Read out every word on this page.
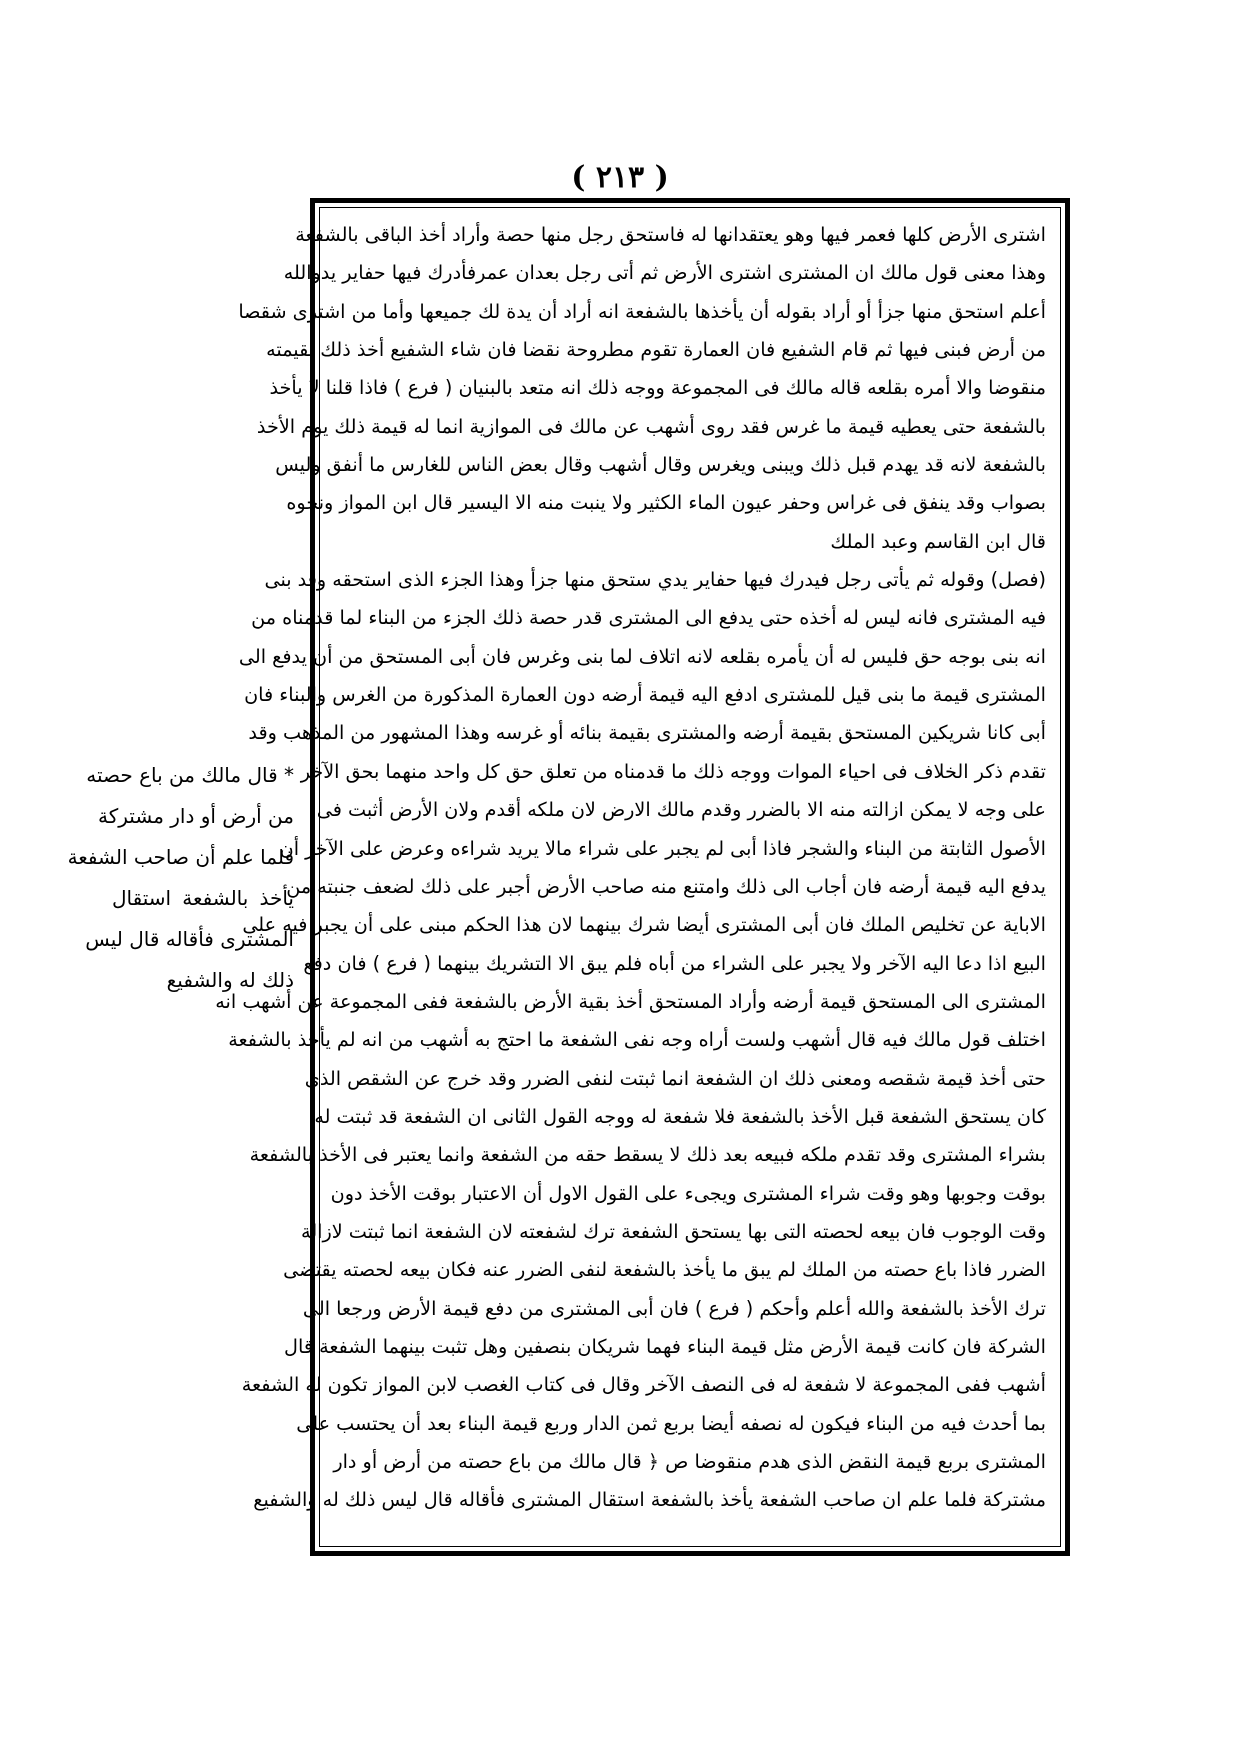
( ٢١٣ )
اشترى الأرض كلها فعمر فيها وهو يعتقدانها له فاستحق رجل منها حصة وأراد أخذ الباقى بالشفعة
وهذا معنى قول مالك ان المشترى اشترى الأرض ثم أتى رجل بعدان عمرفأدرك فيها حفاير يدوالله
أعلم استحق منها جزأ أو أراد بقوله أن يأخذها بالشفعة انه أراد أن يدة لك جميعها وأما من اشترى شقصا
من أرض فبنى فيها ثم قام الشفيع فان العمارة تقوم مطروحة نقضا فان شاء الشفيع أخذ ذلك بقيمته
منقوضا والا أمره بقلعه قاله مالك فى المجموعة ووجه ذلك انه متعد بالبنيان ( فرع ) فاذا قلنا لا يأخذ
بالشفعة حتى يعطيه قيمة ما غرس فقد روى أشهب عن مالك فى الموازية انما له قيمة ذلك يوم الأخذ
بالشفعة لانه قد يهدم قبل ذلك ويبنى ويغرس وقال أشهب وقال بعض الناس للغارس ما أنفق وليس
بصواب وقد ينفق فى غراس وحفر عيون الماء الكثير ولا ينبت منه الا اليسير قال ابن المواز ونحوه
قال ابن القاسم وعبد الملك
(فصل) وقوله ثم يأتى رجل فيدرك فيها حفاير يدي ستحق منها جزأ وهذا الجزء الذى استحقه وقد بنى
فيه المشترى فانه ليس له أخذه حتى يدفع الى المشترى قدر حصة ذلك الجزء من البناء لما قدمناه من
انه بنى بوجه حق فليس له أن يأمره بقلعه لانه اتلاف لما بنى وغرس فان أبى المستحق من أن يدفع الى
المشترى قيمة ما بنى قيل للمشترى ادفع اليه قيمة أرضه دون العمارة المذكورة من الغرس والبناء فان
أبى كانا شريكين المستحق بقيمة أرضه والمشترى بقيمة بنائه أو غرسه وهذا المشهور من المذهب وقد
تقدم ذكر الخلاف فى احياء الموات ووجه ذلك ما قدمناه من تعلق حق كل واحد منهما بحق الآخر
على وجه لا يمكن ازالته منه الا بالضرر وقدم مالك الارض لان ملكه أقدم ولان الأرض أثبت فى
الأصول الثابتة من البناء والشجر فاذا أبى لم يجبر على شراء مالا يريد شراءه وعرض على الآخر أن
يدفع اليه قيمة أرضه فان أجاب الى ذلك وامتنع منه صاحب الأرض أجبر على ذلك لضعف جنبته من
الاباية عن تخليص الملك فان أبى المشترى أيضا شرك بينهما لان هذا الحكم مبنى على أن يجبر فيه على
البيع اذا دعا اليه الآخر ولا يجبر على الشراء من أباه فلم يبق الا التشريك بينهما ( فرع ) فان دفع
المشترى الى المستحق قيمة أرضه وأراد المستحق أخذ بقية الأرض بالشفعة ففى المجموعة عن أشهب انه
اختلف قول مالك فيه قال أشهب ولست أراه وجه نفى الشفعة ما احتج به أشهب من انه لم يأخذ بالشفعة
حتى أخذ قيمة شقصه ومعنى ذلك ان الشفعة انما ثبتت لنفى الضرر وقد خرج عن الشقص الذى
كان يستحق الشفعة قبل الأخذ بالشفعة فلا شفعة له ووجه القول الثانى ان الشفعة قد ثبتت له
بشراء المشترى وقد تقدم ملكه فبيعه بعد ذلك لا يسقط حقه من الشفعة وانما يعتبر فى الأخذ بالشفعة
بوقت وجوبها وهو وقت شراء المشترى ويجىء على القول الاول أن الاعتبار بوقت الأخذ دون
وقت الوجوب فان بيعه لحصته التى بها يستحق الشفعة ترك لشفعته لان الشفعة انما ثبتت لازالة
الضرر فاذا باع حصته من الملك لم يبق ما يأخذ بالشفعة لنفى الضرر عنه فكان بيعه لحصته يقتضى
ترك الأخذ بالشفعة والله أعلم وأحكم ( فرع ) فان أبى المشترى من دفع قيمة الأرض ورجعا الى
الشركة فان كانت قيمة الأرض مثل قيمة البناء فهما شريكان بنصفين وهل تثبت بينهما الشفعة قال
أشهب ففى المجموعة لا شفعة له فى النصف الآخر وقال فى كتاب الغصب لابن المواز تكون له الشفعة
بما أحدث فيه من البناء فيكون له نصفه أيضا بربع ثمن الدار وربع قيمة البناء بعد أن يحتسب على
المشترى بربع قيمة النقض الذى هدم منقوضا ص ﴿ قال مالك من باع حصته من أرض أو دار
مشتركة فلما علم ان صاحب الشفعة يأخذ بالشفعة استقال المشترى فأقاله قال ليس ذلك له والشفيع
* قال مالك من باع حصته
من أرض أو دار مشتركة
فلما علم أن صاحب الشفعة
يأخذ بالشفعة استقال
المشترى فأقاله قال ليس
ذلك له والشفيع
